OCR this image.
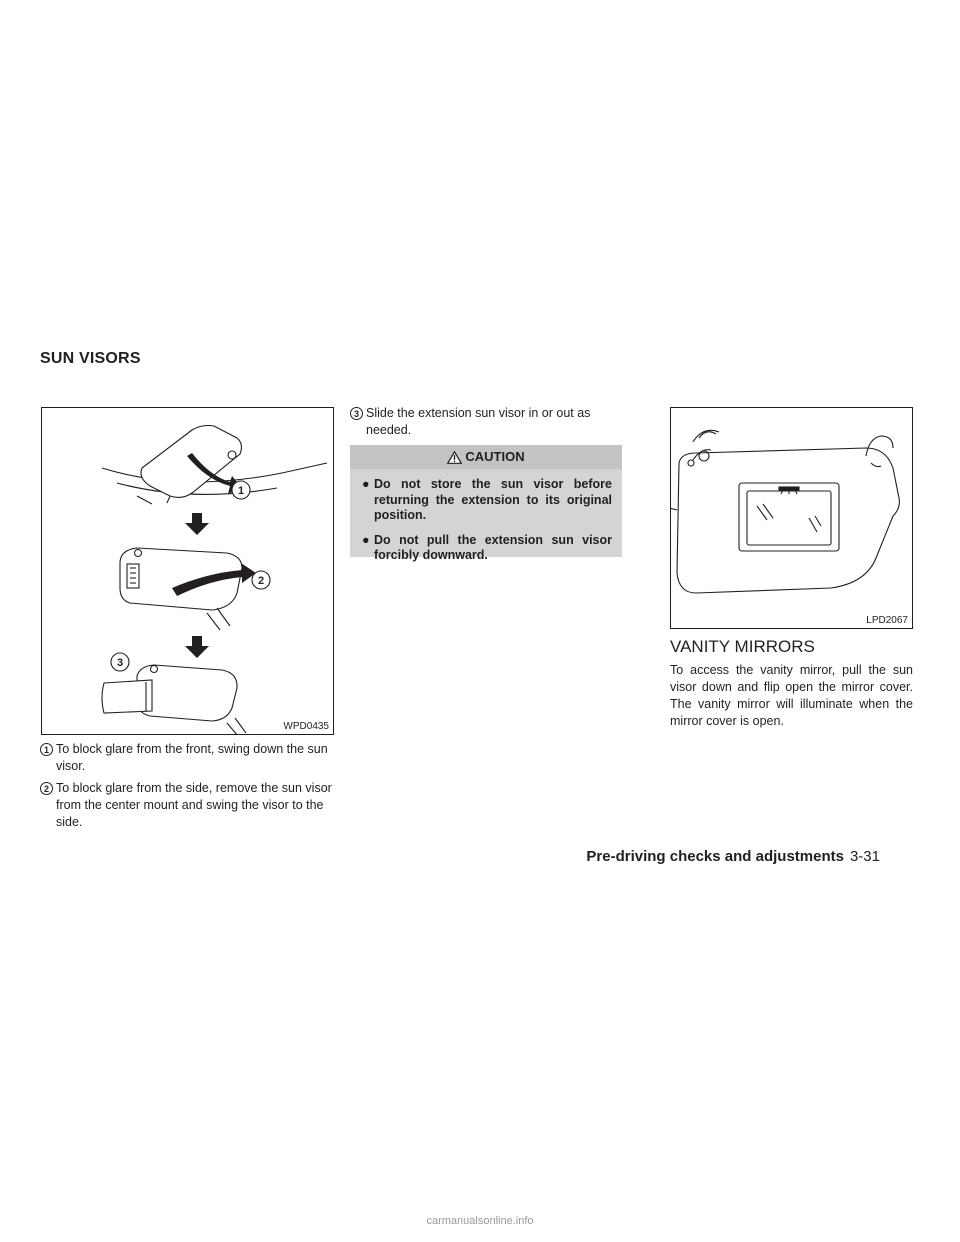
SUN VISORS
1
2
3
WPD0435
1 To block glare from the front, swing down the sun visor.
2 To block glare from the side, remove the sun visor from the center mount and swing the visor to the side.
3 Slide the extension sun visor in or out as needed.
CAUTION
● Do not store the sun visor before returning the extension to its original position.
● Do not pull the extension sun visor forcibly downward.
LPD2067
VANITY MIRRORS
To access the vanity mirror, pull the sun visor down and flip open the mirror cover. The vanity mirror will illuminate when the mirror cover is open.
Pre-driving checks and adjustments 3-31
carmanualsonline.info
